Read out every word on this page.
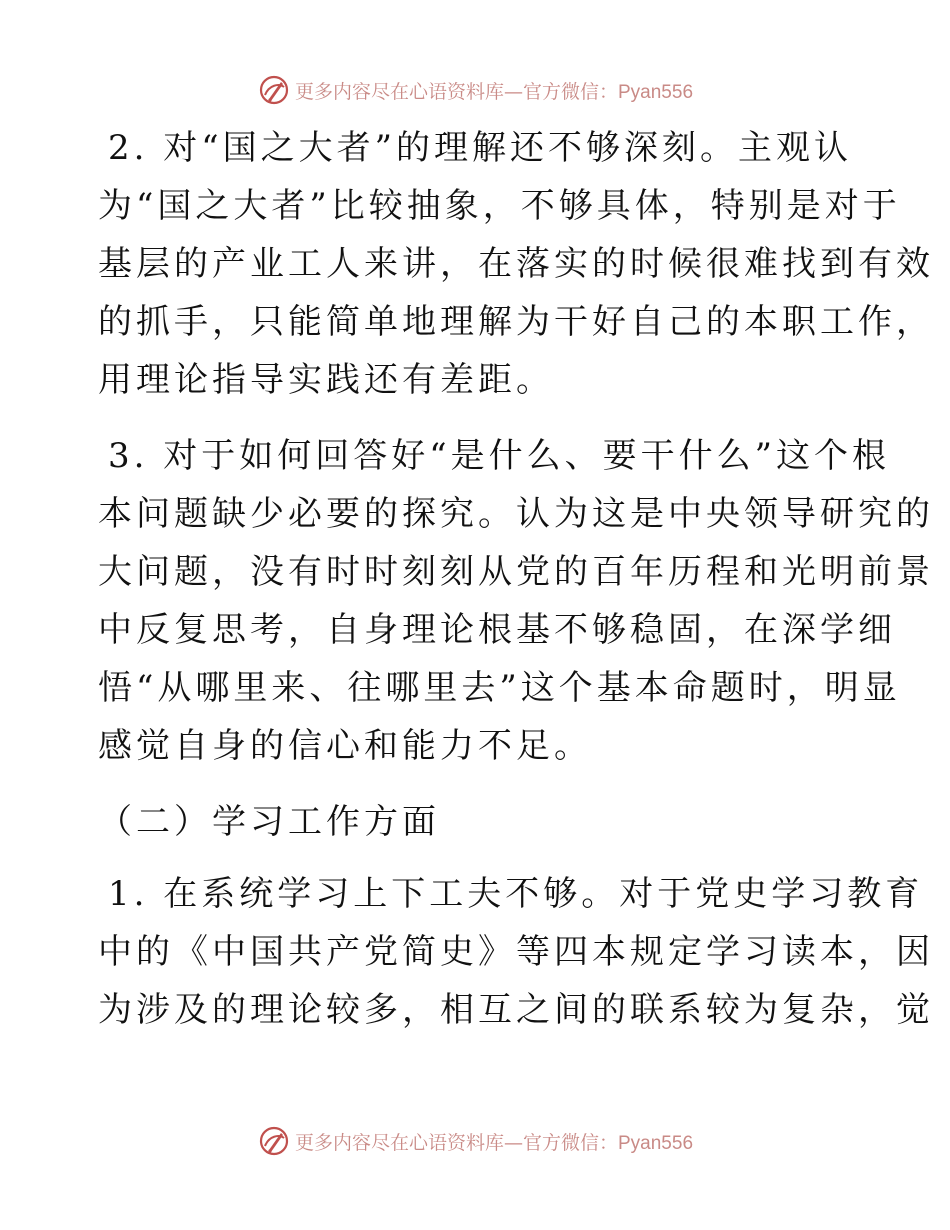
更多内容尽在心语资料库—官方微信：Pyan556
2. 对“国之大者”的理解还不够深刻。主观认
为“国之大者”比较抽象，不够具体，特别是对于
基层的产业工人来讲，在落实的时候很难找到有效
的抓手，只能简单地理解为干好自己的本职工作，
用理论指导实践还有差距。
3. 对于如何回答好“是什么、要干什么”这个根
本问题缺少必要的探究。认为这是中央领导研究的
大问题，没有时时刻刻从党的百年历程和光明前景
中反复思考，自身理论根基不够稳固，在深学细
悟“从哪里来、往哪里去”这个基本命题时，明显
感觉自身的信心和能力不足。
（二）学习工作方面
1. 在系统学习上下工夫不够。对于党史学习教育
中的《中国共产党简史》等四本规定学习读本，因
为涉及的理论较多，相互之间的联系较为复杂，觉
更多内容尽在心语资料库—官方微信：Pyan556
